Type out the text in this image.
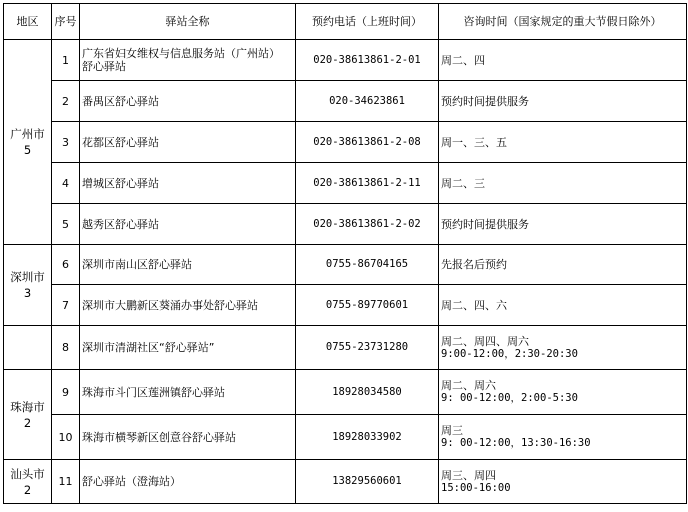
地区	序号	驿站全称	预约电话（上班时间）	咨询时间（国家规定的重大节假日除外）

广州市
5	1	广东省妇女维权与信息服务站（广州站）
舒心驿站	020-38613861-2-01	周二、四
	2	番禺区舒心驿站	020-34623861	预约时间提供服务
	3	花都区舒心驿站	020-38613861-2-08	周一、三、五
	4	增城区舒心驿站	020-38613861-2-11	周二、三
	5	越秀区舒心驿站	020-38613861-2-02	预约时间提供服务

深圳市
3	6	深圳市南山区舒心驿站	0755-86704165	先报名后预约
	7	深圳市大鹏新区葵涌办事处舒心驿站	0755-89770601	周二、四、六
	8	深圳市清湖社区“舒心驿站”	0755-23731280	周二、周四、周六
9:00-12:00，2:30-20:30

珠海市
2	9	珠海市斗门区莲洲镇舒心驿站	18928034580	周二、周六
9: 00-12:00，2:00-5:30

	10	珠海市横琴新区创意谷舒心驿站	18928033902	周三
9: 00-12:00，13:30-16:30

汕头市
2	11	舒心驿站（澄海站）	13829560601	周三、周四
15:00-16:00
